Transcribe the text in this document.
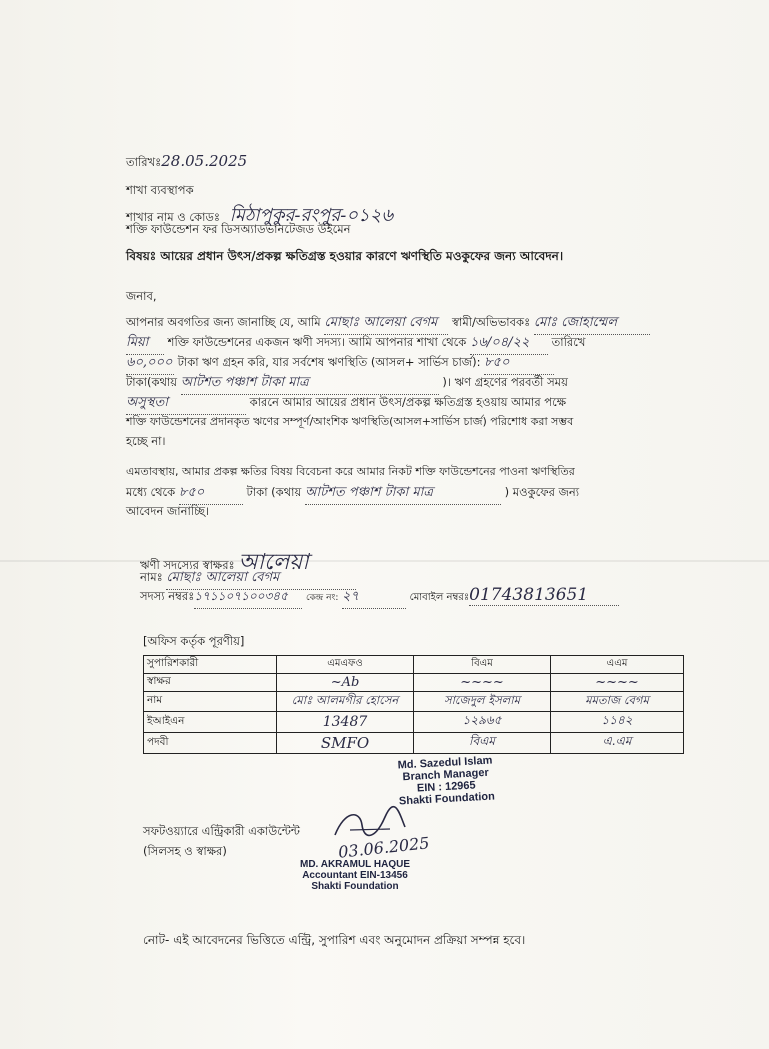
তারিখঃ28.05.2025
শাখা ব্যবস্থাপক
শাখার নাম ও কোডঃ মিঠাপুকুর-রংপুর-০১২৬
শক্তি ফাউন্ডেশন ফর ডিসঅ্যাডভানটেজড উইমেন
বিষয়ঃ আয়ের প্রধান উৎস/প্রকল্প ক্ষতিগ্রস্ত হওয়ার কারণে ঋণস্থিতি মওকুফের জন্য আবেদন।
জনাব,
আপনার অবগতির জন্য জানাচ্ছি যে, আমি মোছাঃ আলেয়া বেগম স্বামী/অভিভাবকঃ মোঃ জোহাম্মেল
মিয়া শক্তি ফাউন্ডেশনের একজন ঋণী সদস্য। আমি আপনার শাখা থেকে ১৬/০৪/২২ তারিখে
৬০,০০০ টাকা ঋণ গ্রহন করি, যার সর্বশেষ ঋণস্থিতি (আসল+ সার্ভিস চার্জ): ৮৫০
টাকা(কথায় আটশত পঞ্চাশ টাকা মাত্র	)। ঋণ গ্রহণের পরবর্তী সময়
অসুস্থতা	কারনে আমার আয়ের প্রধান উৎস/প্রকল্প ক্ষতিগ্রস্ত হওয়ায় আমার পক্ষে
শক্তি ফাউন্ডেশনের প্রদানকৃত ঋণের সম্পূর্ণ/আংশিক ঋণস্থিতি(আসল+সার্ভিস চার্জ) পরিশোধ করা সম্ভব
হচ্ছে না।
এমতাবস্থায়, আমার প্রকল্প ক্ষতির বিষয় বিবেচনা করে আমার নিকট শক্তি ফাউন্ডেশনের পাওনা ঋণস্থিতির
মধ্যে থেকে ৮৫০	টাকা (কথায় আটশত পঞ্চাশ টাকা মাত্র	) মওকুফের জন্য
আবেদন জানাচ্ছি।
ঋণী সদস্যের স্বাক্ষরঃ আলেয়া
নামঃ মোছাঃ আলেয়া বেগম
সদস্য নম্বরঃ১৭১১০৭১০০৩৪৫ কেন্দ্র নং: ২৭	মোবাইল নম্বরঃ01743813651
[অফিস কর্তৃক পূরণীয়]
সুপারিশকারী	এমএফও	বিএম	এএম
স্বাক্ষর	~Ab	~~~~	~~~~
নাম	মোঃ আলমগীর হোসেন	সাজেদুল ইসলাম	মমতাজ বেগম
ইআইএন	13487	১২৯৬৫	১১৪২
পদবী	SMFO	বিএম	এ.এম
Md. Sazedul Islam
Branch Manager
EIN : 12965
Shakti Foundation
সফটওয়্যারে এন্ট্রিকারী একাউন্টেন্ট
(সিলসহ ও স্বাক্ষর)	03.06.2025
MD. AKRAMUL HAQUE
Accountant EIN-13456
Shakti Foundation
নোট- এই আবেদনের ভিত্তিতে এন্ট্রি, সুপারিশ এবং অনুমোদন প্রক্রিয়া সম্পন্ন হবে।
